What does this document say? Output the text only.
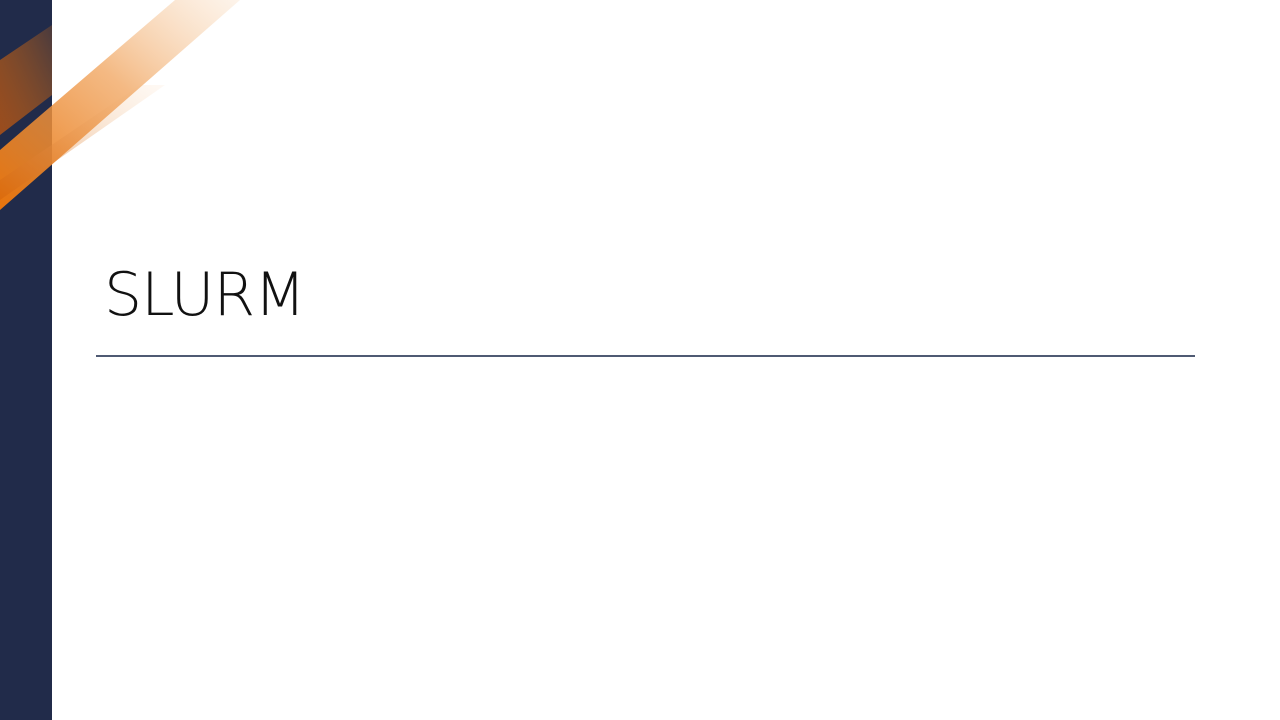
SLURM
